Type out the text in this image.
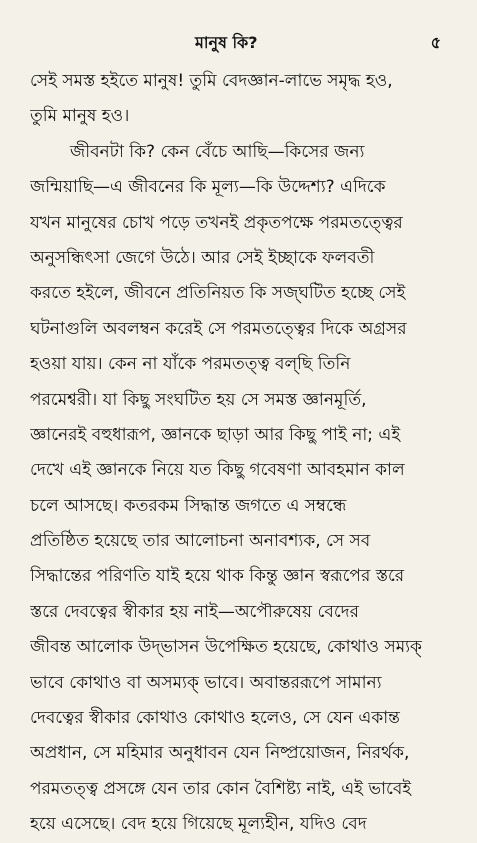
মানুষ কি?	৫

সেই সমস্ত হইতে মানুষ! তুমি বেদজ্ঞান-লাভে সমৃদ্ধ হও,
তুমি মানুষ হও।

জীবনটা কি? কেন বেঁচে আছি—কিসের জন্য
জন্মিয়াছি—এ জীবনের কি মূল্য—কি উদ্দেশ্য? এদিকে
যখন মানুষের চোখ পড়ে তখনই প্রকৃতপক্ষে পরমতত্ত্বের
অনুসন্ধিৎসা জেগে উঠে। আর সেই ইচ্ছাকে ফলবতী
করতে হইলে, জীবনে প্রতিনিয়ত কি সজ্ঘটিত হচ্ছে সেই
ঘটনাগুলি অবলম্বন করেই সে পরমতত্ত্বের দিকে অগ্রসর
হওয়া যায়। কেন না যাঁকে পরমতত্ত্ব বল্‌ছি তিনি
পরমেশ্বরী। যা কিছু সংঘটিত হয় সে সমস্ত জ্ঞানমূর্তি,
জ্ঞানেরই বহুধারূপ, জ্ঞানকে ছাড়া আর কিছু পাই না; এই
দেখে এই জ্ঞানকে নিয়ে যত কিছু গবেষণা আবহমান কাল
চলে আসছে। কতরকম সিদ্ধান্ত জগতে এ সম্বন্ধে
প্রতিষ্ঠিত হয়েছে তার আলোচনা অনাবশ্যক, সে সব
সিদ্ধান্তের পরিণতি যাই হয়ে থাক কিন্তু জ্ঞান স্বরূপের স্তরে
স্তরে দেবত্বের স্বীকার হয় নাই—অপৌরুষেয় বেদের
জীবন্ত আলোক উদ্‌ভাসন উপেক্ষিত হয়েছে, কোথাও সম্যক্
ভাবে কোথাও বা অসম্যক্ ভাবে। অবান্তররূপে সামান্য
দেবত্বের স্বীকার কোথাও কোথাও হলেও, সে যেন একান্ত
অপ্রধান, সে মহিমার অনুধাবন যেন নিষ্প্রয়োজন, নিরর্থক,
পরমতত্ত্ব প্রসঙ্গে যেন তার কোন বৈশিষ্ট্য নাই, এই ভাবেই
হয়ে এসেছে। বেদ হয়ে গিয়েছে মূল্যহীন, যদিও বেদ
